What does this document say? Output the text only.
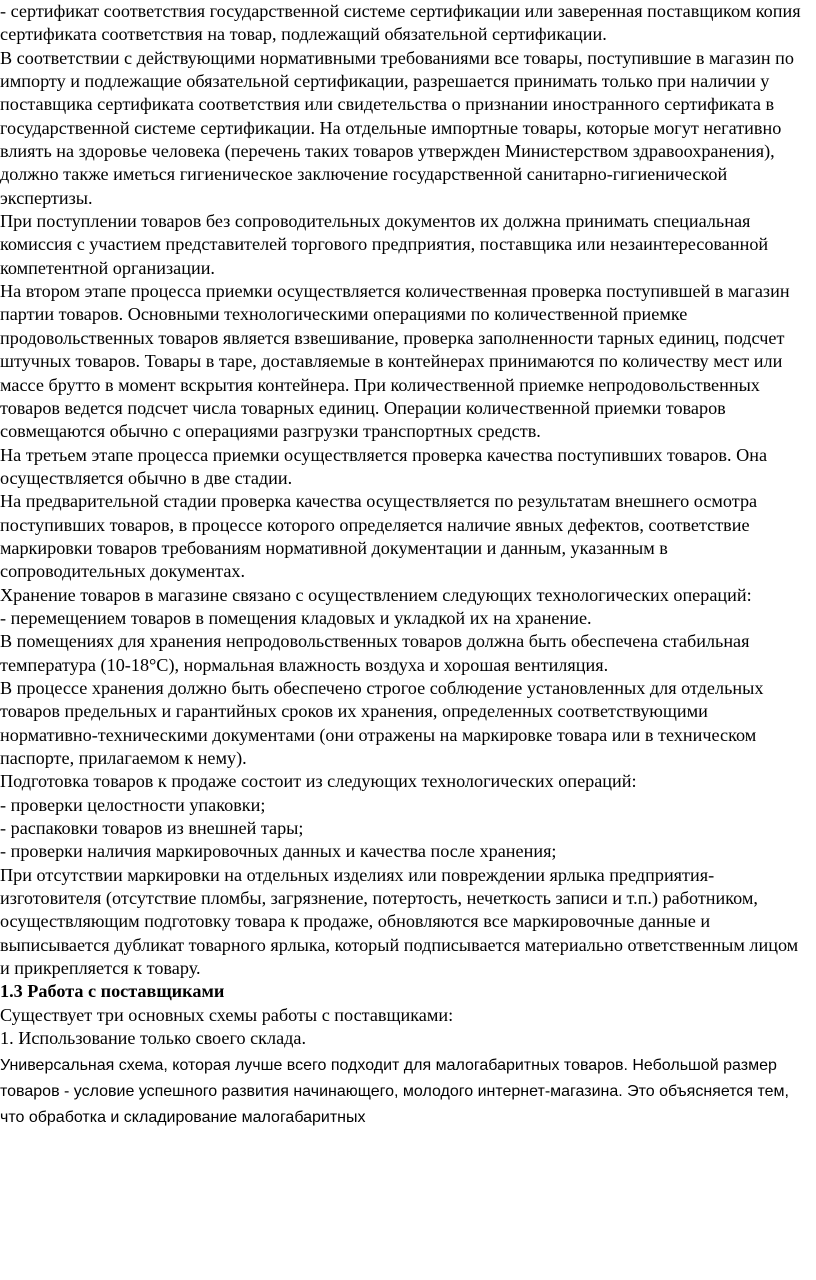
- сертификат соответствия государственной системе сертификации или заверенная поставщиком копия сертификата соответствия на товар, подлежащий обязательной сертификации.

В соответствии с действующими нормативными требованиями все товары, поступившие в магазин по импорту и подлежащие обязательной сертификации, разрешается принимать только при наличии у поставщика сертификата соответствия или свидетельства о признании иностранного сертификата в государственной системе сертификации. На отдельные импортные товары, которые могут негативно влиять на здоровье человека (перечень таких товаров утвержден Министерством здравоохранения), должно также иметься гигиеническое заключение государственной санитарно-гигиенической экспертизы.

При поступлении товаров без сопроводительных документов их должна принимать специальная комиссия с участием представителей торгового предприятия, поставщика или незаинтересованной компетентной организации.

На втором этапе процесса приемки осуществляется количественная проверка поступившей в магазин партии товаров. Основными технологическими операциями по количественной приемке продовольственных товаров является взвешивание, проверка заполненности тарных единиц, подсчет штучных товаров. Товары в таре, доставляемые в контейнерах принимаются по количеству мест или массе брутто в момент вскрытия контейнера. При количественной приемке непродовольственных товаров ведется подсчет числа товарных единиц. Операции количественной приемки товаров совмещаются обычно с операциями разгрузки транспортных средств.

На третьем этапе процесса приемки осуществляется проверка качества поступивших товаров. Она осуществляется обычно в две стадии.

На предварительной стадии проверка качества осуществляется по результатам внешнего осмотра поступивших товаров, в процессе которого определяется наличие явных дефектов, соответствие маркировки товаров требованиям нормативной документации и данным, указанным в сопроводительных документах.

Хранение товаров в магазине связано с осуществлением следующих технологических операций:

- перемещением товаров в помещения кладовых и укладкой их на хранение.

В помещениях для хранения непродовольственных товаров должна быть обеспечена стабильная температура (10-18°С), нормальная влажность воздуха и хорошая вентиляция.

В процессе хранения должно быть обеспечено строгое соблюдение установленных для отдельных товаров предельных и гарантийных сроков их хранения, определенных соответствующими нормативно-техническими документами (они отражены на маркировке товара или в техническом паспорте, прилагаемом к нему).

Подготовка товаров к продаже состоит из следующих технологических операций:

- проверки целостности упаковки;

- распаковки товаров из внешней тары;

- проверки наличия маркировочных данных и качества после хранения;

При отсутствии маркировки на отдельных изделиях или повреждении ярлыка предприятия-изготовителя (отсутствие пломбы, загрязнение, потертость, нечеткость записи и т.п.) работником, осуществляющим подготовку товара к продаже, обновляются все маркировочные данные и выписывается дубликат товарного ярлыка, который подписывается материально ответственным лицом и прикрепляется к товару.

1.3 Работа с поставщиками

Существует три основных схемы работы с поставщиками:

1. Использование только своего склада.

Универсальная схема, которая лучше всего подходит для малогабаритных товаров. Небольшой размер товаров - условие успешного развития начинающего, молодого интернет-магазина. Это объясняется тем, что обработка и складирование малогабаритных
